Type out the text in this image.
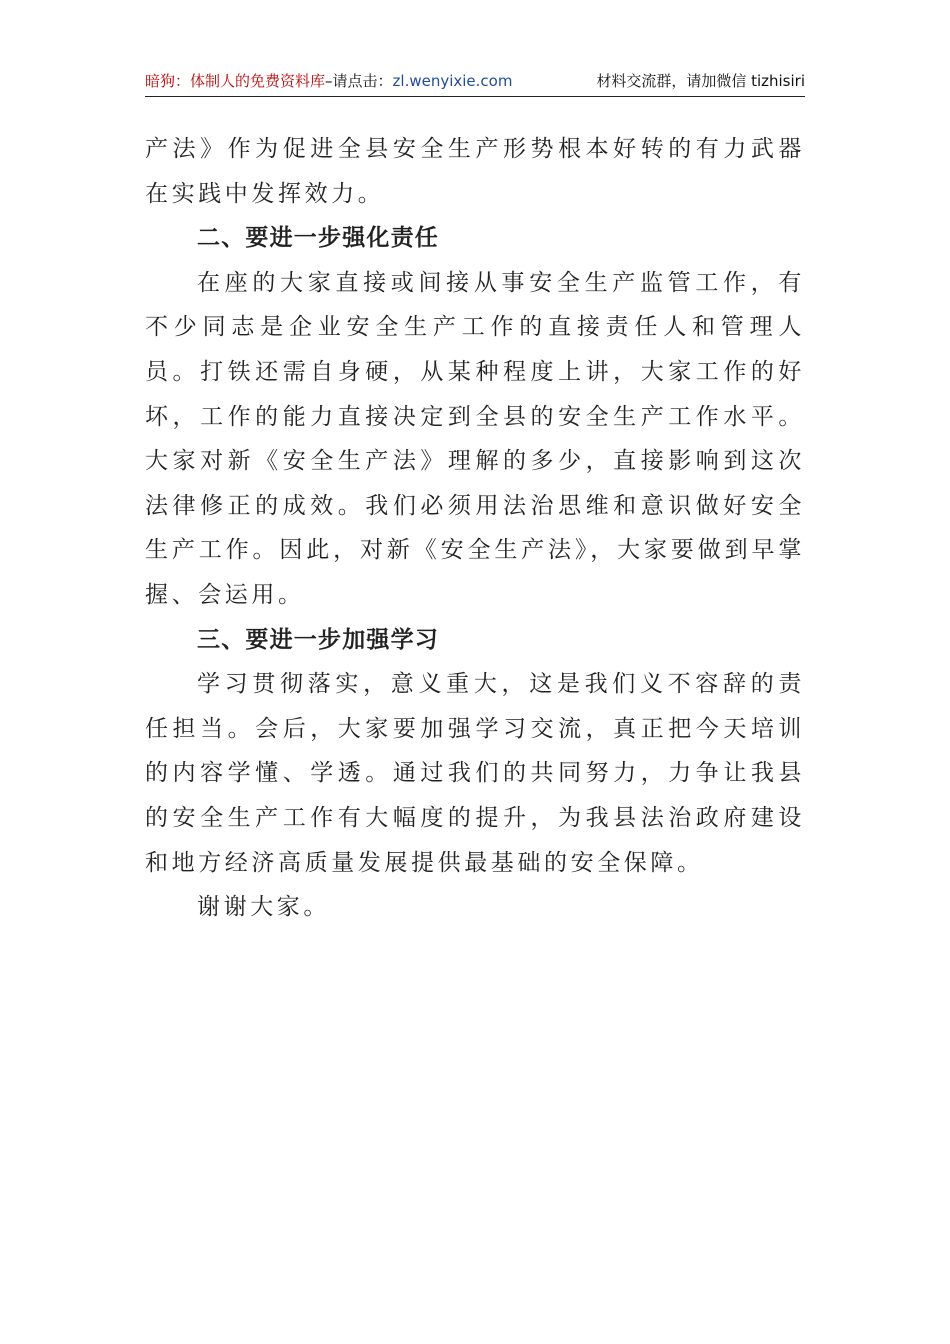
暗狗：体制人的免费资料库–请点击：zl.wenyixie.com	材料交流群，请加微信 tizhisiri

产法》作为促进全县安全生产形势根本好转的有力武器在实践中发挥效力。

二、要进一步强化责任

在座的大家直接或间接从事安全生产监管工作，有不少同志是企业安全生产工作的直接责任人和管理人员。打铁还需自身硬，从某种程度上讲，大家工作的好坏，工作的能力直接决定到全县的安全生产工作水平。大家对新《安全生产法》理解的多少，直接影响到这次法律修正的成效。我们必须用法治思维和意识做好安全生产工作。因此，对新《安全生产法》，大家要做到早掌握、会运用。

三、要进一步加强学习

学习贯彻落实，意义重大，这是我们义不容辞的责任担当。会后，大家要加强学习交流，真正把今天培训的内容学懂、学透。通过我们的共同努力，力争让我县的安全生产工作有大幅度的提升，为我县法治政府建设和地方经济高质量发展提供最基础的安全保障。

谢谢大家。
